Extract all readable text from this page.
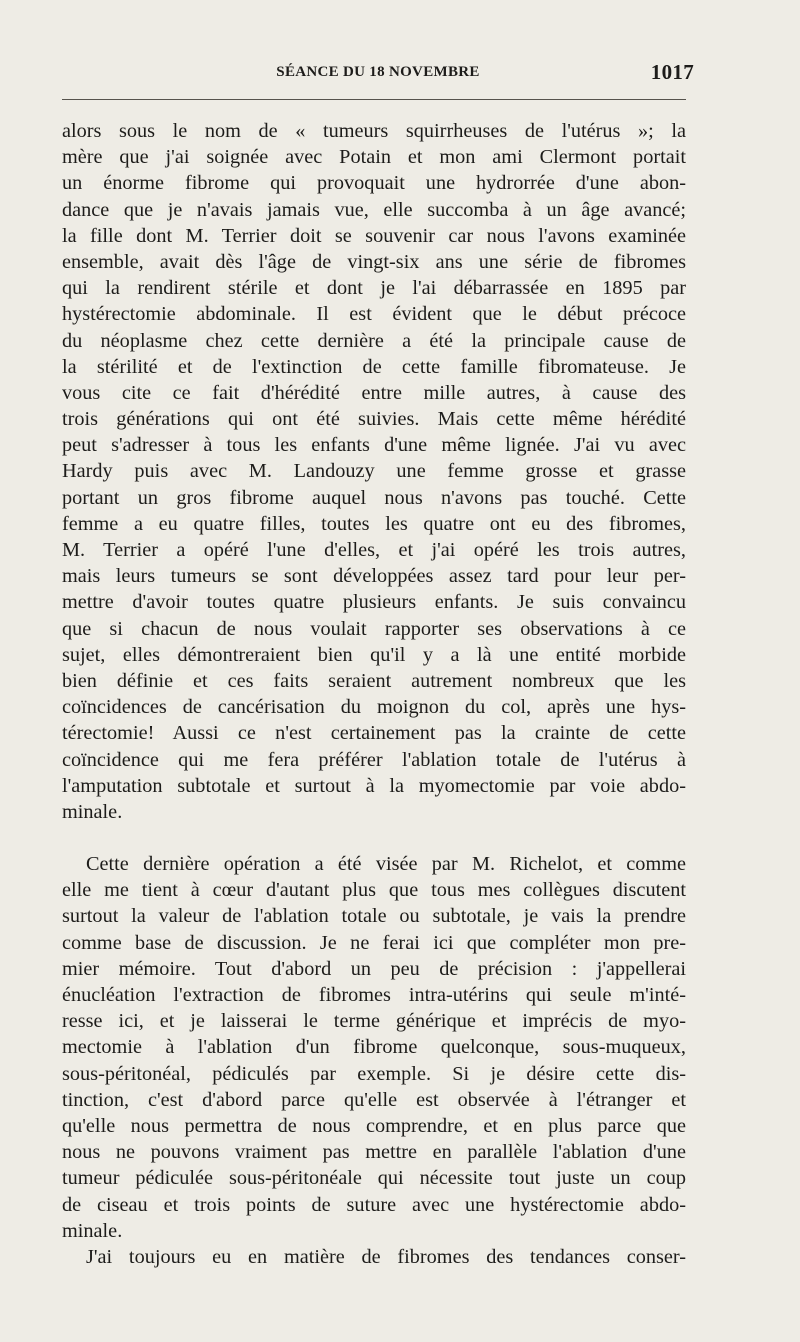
SÉANCE DU 18 NOVEMBRE	1017
alors sous le nom de « tumeurs squirrheuses de l'utérus »; la
mère que j'ai soignée avec Potain et mon ami Clermont portait
un énorme fibrome qui provoquait une hydrorrée d'une abon-
dance que je n'avais jamais vue, elle succomba à un âge avancé;
la fille dont M. Terrier doit se souvenir car nous l'avons examinée
ensemble, avait dès l'âge de vingt-six ans une série de fibromes
qui la rendirent stérile et dont je l'ai débarrassée en 1895 par
hystérectomie abdominale. Il est évident que le début précoce
du néoplasme chez cette dernière a été la principale cause de
la stérilité et de l'extinction de cette famille fibromateuse. Je
vous cite ce fait d'hérédité entre mille autres, à cause des
trois générations qui ont été suivies. Mais cette même hérédité
peut s'adresser à tous les enfants d'une même lignée. J'ai vu avec
Hardy puis avec M. Landouzy une femme grosse et grasse
portant un gros fibrome auquel nous n'avons pas touché. Cette
femme a eu quatre filles, toutes les quatre ont eu des fibromes,
M. Terrier a opéré l'une d'elles, et j'ai opéré les trois autres,
mais leurs tumeurs se sont développées assez tard pour leur per-
mettre d'avoir toutes quatre plusieurs enfants. Je suis convaincu
que si chacun de nous voulait rapporter ses observations à ce
sujet, elles démontreraient bien qu'il y a là une entité morbide
bien définie et ces faits seraient autrement nombreux que les
coïncidences de cancérisation du moignon du col, après une hys-
térectomie! Aussi ce n'est certainement pas la crainte de cette
coïncidence qui me fera préférer l'ablation totale de l'utérus à
l'amputation subtotale et surtout à la myomectomie par voie abdo-
minale.
Cette dernière opération a été visée par M. Richelot, et comme
elle me tient à cœur d'autant plus que tous mes collègues discutent
surtout la valeur de l'ablation totale ou subtotale, je vais la prendre
comme base de discussion. Je ne ferai ici que compléter mon pre-
mier mémoire. Tout d'abord un peu de précision : j'appellerai
énucléation l'extraction de fibromes intra-utérins qui seule m'inté-
resse ici, et je laisserai le terme générique et imprécis de myo-
mectomie à l'ablation d'un fibrome quelconque, sous-muqueux,
sous-péritonéal, pédiculés par exemple. Si je désire cette dis-
tinction, c'est d'abord parce qu'elle est observée à l'étranger et
qu'elle nous permettra de nous comprendre, et en plus parce que
nous ne pouvons vraiment pas mettre en parallèle l'ablation d'une
tumeur pédiculée sous-péritonéale qui nécessite tout juste un coup
de ciseau et trois points de suture avec une hystérectomie abdo-
minale.
J'ai toujours eu en matière de fibromes des tendances conser-
